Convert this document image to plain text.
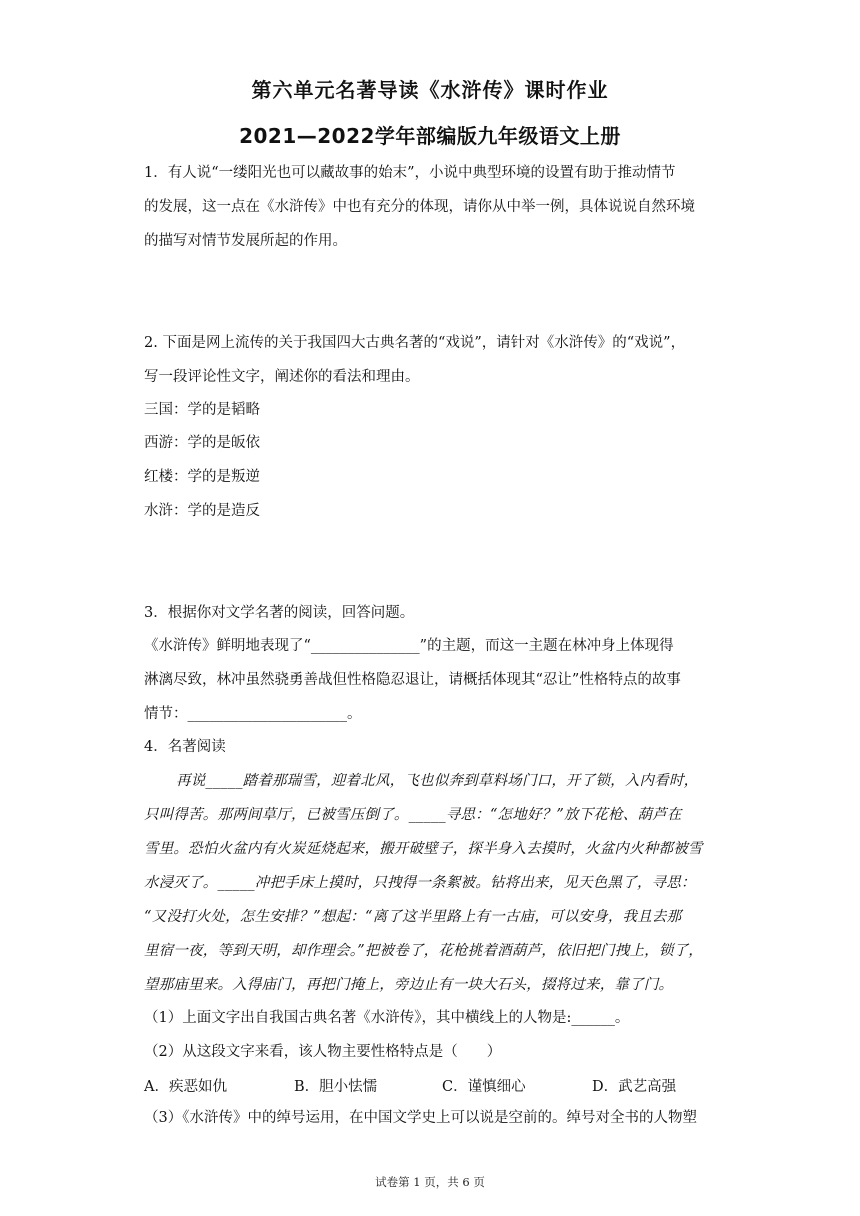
第六单元名著导读《水浒传》课时作业
2021—2022学年部编版九年级语文上册
1．有人说“一缕阳光也可以藏故事的始末”，小说中典型环境的设置有助于推动情节
的发展，这一点在《水浒传》中也有充分的体现，请你从中举一例，具体说说自然环境
的描写对情节发展所起的作用。
2. 下面是网上流传的关于我国四大古典名著的“戏说”，请针对《水浒传》的“戏说”，
写一段评论性文字，阐述你的看法和理由。
三国：学的是韬略
西游：学的是皈依
红楼：学的是叛逆
水浒：学的是造反
3．根据你对文学名著的阅读，回答问题。
《水浒传》鲜明地表现了“_______________”的主题，而这一主题在林冲身上体现得
淋漓尽致，林冲虽然骁勇善战但性格隐忍退让，请概括体现其“忍让”性格特点的故事
情节：______________________。
4．名著阅读
再说_____踏着那瑞雪，迎着北风，飞也似奔到草料场门口，开了锁，入内看时，
只叫得苦。那两间草厅，已被雪压倒了。_____寻思：“怎地好？”放下花枪、葫芦在
雪里。恐怕火盆内有火炭延烧起来，搬开破壁子，探半身入去摸时，火盆内火种都被雪
水浸灭了。_____冲把手床上摸时，只拽得一条絮被。钻将出来，见天色黑了，寻思：
“又没打火处，怎生安排？”想起：“离了这半里路上有一古庙，可以安身，我且去那
里宿一夜，等到天明，却作理会。”把被卷了，花枪挑着酒葫芦，依旧把门拽上，锁了，
望那庙里来。入得庙门，再把门掩上，旁边止有一块大石头，掇将过来，靠了门。
（1）上面文字出自我国古典名著《水浒传》，其中横线上的人物是:______。
（2）从这段文字来看，该人物主要性格特点是（　　）
A．疾恶如仇	B．胆小怯懦	C．谨慎细心	D．武艺高强
（3）《水浒传》中的绰号运用，在中国文学史上可以说是空前的。绰号对全书的人物塑
试卷第 1 页，共 6 页
